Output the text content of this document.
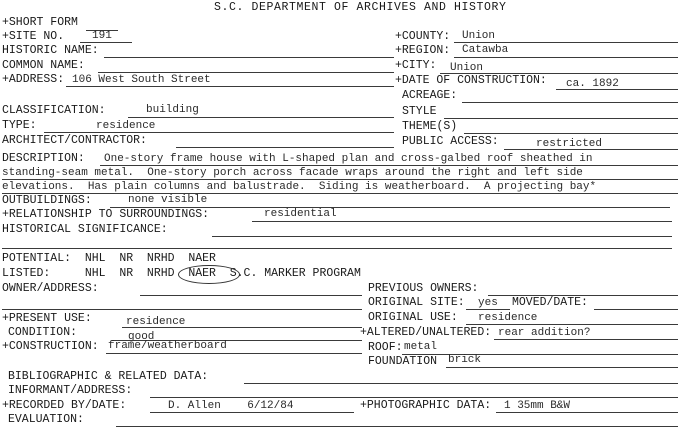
S.C. DEPARTMENT OF ARCHIVES AND HISTORY
+SHORT FORM
+SITE NO.	191
HISTORIC NAME:
COMMON NAME:
+ADDRESS: 106 West South Street
CLASSIFICATION:	building
TYPE:	residence
ARCHITECT/CONTRACTOR:
DESCRIPTION: One-story frame house with L-shaped plan and cross-galbed roof sheathed in
standing-seam metal.  One-story porch across facade wraps around the right and left side
elevations.  Has plain columns and balustrade.  Siding is weatherboard.  A projecting bay*
OUTBUILDINGS:	none visible
+RELATIONSHIP TO SURROUNDINGS:	residential
HISTORICAL SIGNIFICANCE:
+COUNTY: Union
+REGION: Catawba
+CITY: Union
+DATE OF CONSTRUCTION: ca. 1892
ACREAGE:
STYLE
THEME(S)
PUBLIC ACCESS:	restricted
POTENTIAL:  NHL  NR  NRHD  NAER
LISTED:     NHL  NR  NRHD  NAER  S.C. MARKER PROGRAM
OWNER/ADDRESS:	PREVIOUS OWNERS:
ORIGINAL SITE: yes MOVED/DATE:
+PRESENT USE:	residence	ORIGINAL USE: residence
CONDITION:	good	+ALTERED/UNALTERED: rear addition?
+CONSTRUCTION: frame/weatherboard	ROOF: metal
FOUNDATION brick
BIBLIOGRAPHIC & RELATED DATA:
INFORMANT/ADDRESS:
+RECORDED BY/DATE:	D. Allen    6/12/84	+PHOTOGRAPHIC DATA: 1 35mm B&W
EVALUATION:
